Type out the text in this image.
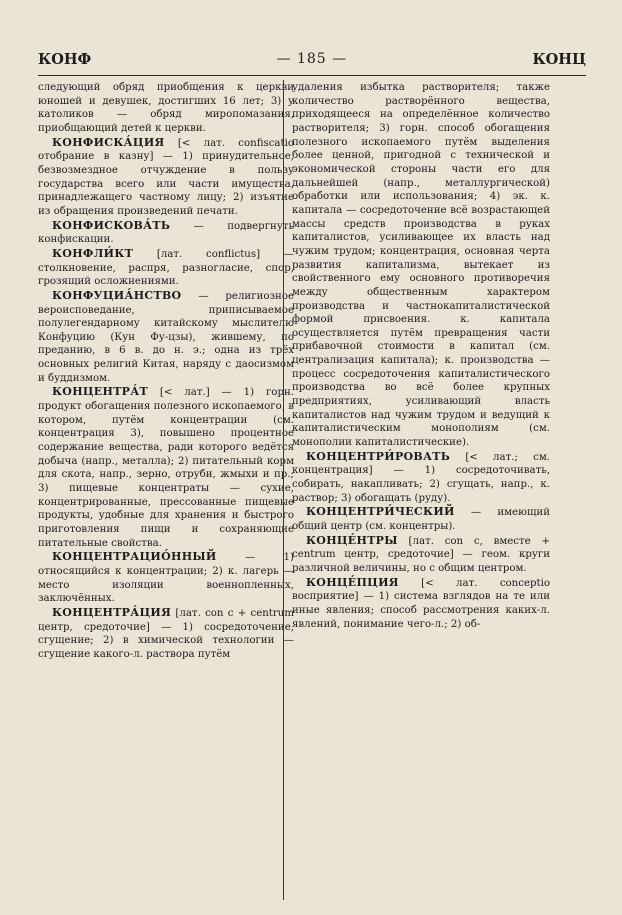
КОНФ	— 185 —	КОНЦ

следующий обряд приобщения к церкви юношей и девушек, достигших 16 лет; 3) у католиков — обряд миропомазания, приобщающий детей к церкви.

КОНФИСКА́ЦИЯ [< лат. confiscatio отобрание в казну] — 1) принудительное, безвозмездное отчуждение в пользу государства всего или части имущества, принадлежащего частному лицу; 2) изъятие из обращения произведений печати.

КОНФИСКОВА́ТЬ — подвергнуть конфискации.

КОНФЛИ́КТ [лат. conflictus] — столкновение, распря, разногласие, спор, грозящий осложнениями.

КОНФУЦИА́НСТВО — религиозное вероисповедание, приписываемое полулегендарному китайскому мыслителю Конфуцию (Кун Фу-цзы), жившему, по преданию, в 6 в. до н. э.; одна из трёх основных религий Китая, наряду с даосизмом и буддизмом.

КОНЦЕНТРА́Т [< лат.] — 1) горн. продукт обогащения полезного ископаемого, в котором, путём концентрации (см. концентрация 3), повышено процентное содержание вещества, ради которого ведётся добыча (напр., металла); 2) питательный корм для скота, напр., зерно, отруби, жмыхи и пр.; 3) пищевые концентраты — сухие, концентрированные, прессованные пищевые продукты, удобные для хранения и быстрого приготовления пищи и сохраняющие питательные свойства.

КОНЦЕНТРАЦИО́ННЫЙ — 1) относящийся к концентрации; 2) к. лагерь — место изоляции военнопленных, заключённых.

КОНЦЕНТРА́ЦИЯ [лат. con с + centrum центр, средоточие] — 1) сосредоточение, сгущение; 2) в химической технологии — сгущение какого-л. раствора путём

удаления избытка растворителя; также количество растворённого вещества, приходящееся на определённое количество растворителя; 3) горн. способ обогащения полезного ископаемого путём выделения более ценной, пригодной с технической и экономической стороны части его для дальнейшей (напр., металлургической) обработки или использования; 4) эк. к. капитала — сосредоточение всё возрастающей массы средств производства в руках капиталистов, усиливающее их власть над чужим трудом; концентрация, основная черта развития капитализма, вытекает из свойственного ему основного противоречия между общественным характером производства и частнокапиталистической формой присвоения. к. капитала осуществляется путём превращения части прибавочной стоимости в капитал (см. централизация капитала); к. производства — процесс сосредоточения капиталистического производства во всё более крупных предприятиях, усиливающий власть капиталистов над чужим трудом и ведущий к капиталистическим монополиям (см. монополии капиталистические).

КОНЦЕНТРИ́РОВАТЬ [< лат.; см. концентрация] — 1) сосредоточивать, собирать, накапливать; 2) сгущать, напр., к. раствор; 3) обогащать (руду).

КОНЦЕНТРИ́ЧЕСКИЙ — имеющий общий центр (см. концентры).

КОНЦЕ́НТРЫ [лат. con с, вместе + centrum центр, средоточие] — геом. круги различной величины, но с общим центром.

КОНЦЕ́ПЦИЯ [< лат. conceptio восприятие] — 1) система взглядов на те или иные явления; способ рассмотрения каких-л. явлений, понимание чего-л.; 2) об-
